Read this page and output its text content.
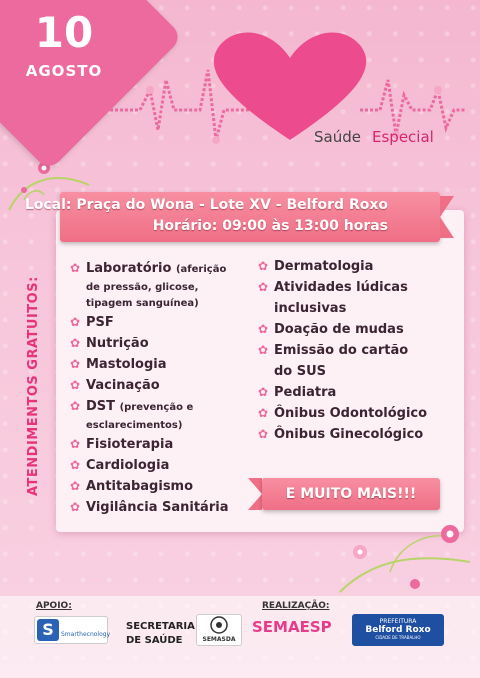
10
AGOSTO
Saúde Especial
Local: Praça do Wona - Lote XV - Belford Roxo
Horário: 09:00 às 13:00 horas
ATENDIMENTOS GRATUITOS:
✿ Laboratório (aferição
de pressão, glicose,
tipagem sanguínea)
✿ PSF
✿ Nutrição
✿ Mastologia
✿ Vacinação
✿ DST (prevenção e
esclarecimentos)
✿ Fisioterapia
✿ Cardiologia
✿ Antitabagismo
✿ Vigilância Sanitária
✿ Dermatologia
✿ Atividades lúdicas
inclusivas
✿ Doação de mudas
✿ Emissão do cartão
do SUS
✿ Pediatra
✿ Ônibus Odontológico
✿ Ônibus Ginecológico
E MUITO MAIS!!!
APOIO:	REALIZAÇÃO:
S	Smarthecnology
SECRETARIA
DE SAÚDE	SEMASDA
SEMAESP	PREFEITURA
Belford Roxo
CIDADE DE TRABALHO
